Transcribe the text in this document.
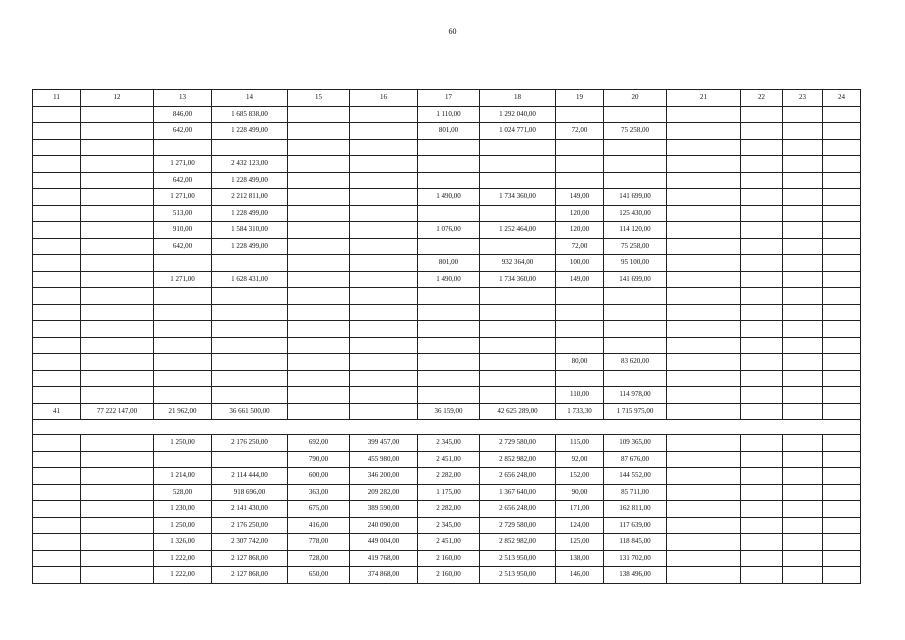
60
11	12	13	14	15	16	17	18	19	20	21	22	23	24
		846,00	1 685 838,00			1 110,00	1 292 040,00						
		642,00	1 228 499,00			801,00	1 024 771,00	72,00	75 258,00				

		1 271,00	2 432 123,00										
		642,00	1 228 499,00										
		1 271,00	2 212 811,00			1 490,00	1 734 360,00	149,00	141 699,00				
		513,00	1 228 499,00					120,00	125 430,00				
		910,00	1 584 310,00			1 076,00	1 252 464,00	120,00	114 120,00				
		642,00	1 228 499,00					72,00	75 258,00				
						801,00	932 364,00	100,00	95 100,00				
		1 271,00	1 628 431,00			1 490,00	1 734 360,00	149,00	141 699,00				

								80,00	83 620,00				

								110,00	114 978,00				
41	77 222 147,00	21 962,00	36 661 500,00			36 159,00	42 625 289,00	1 733,30	1 715 975,00				

		1 250,00	2 176 250,00	692,00	399 457,00	2 345,00	2 729 580,00	115,00	109 365,00				
				790,00	455 980,00	2 451,00	2 852 982,00	92,00	87 676,00				
		1 214,00	2 114 444,00	600,00	346 200,00	2 282,00	2 656 248,00	152,00	144 552,00				
		528,00	918 696,00	363,00	209 282,00	1 175,00	1 367 640,00	90,00	85 711,00				
		1 230,00	2 141 430,00	675,00	389 590,00	2 282,00	2 656 248,00	171,00	162 811,00				
		1 250,00	2 176 250,00	416,00	240 090,00	2 345,00	2 729 580,00	124,00	117 639,00				
		1 326,00	2 307 742,00	778,00	449 004,00	2 451,00	2 852 982,00	125,00	118 845,00				
		1 222,00	2 127 868,00	728,00	419 768,00	2 160,00	2 513 950,00	138,00	131 702,00				
		1 222,00	2 127 868,00	650,00	374 868,00	2 160,00	2 513 950,00	146,00	138 496,00				
